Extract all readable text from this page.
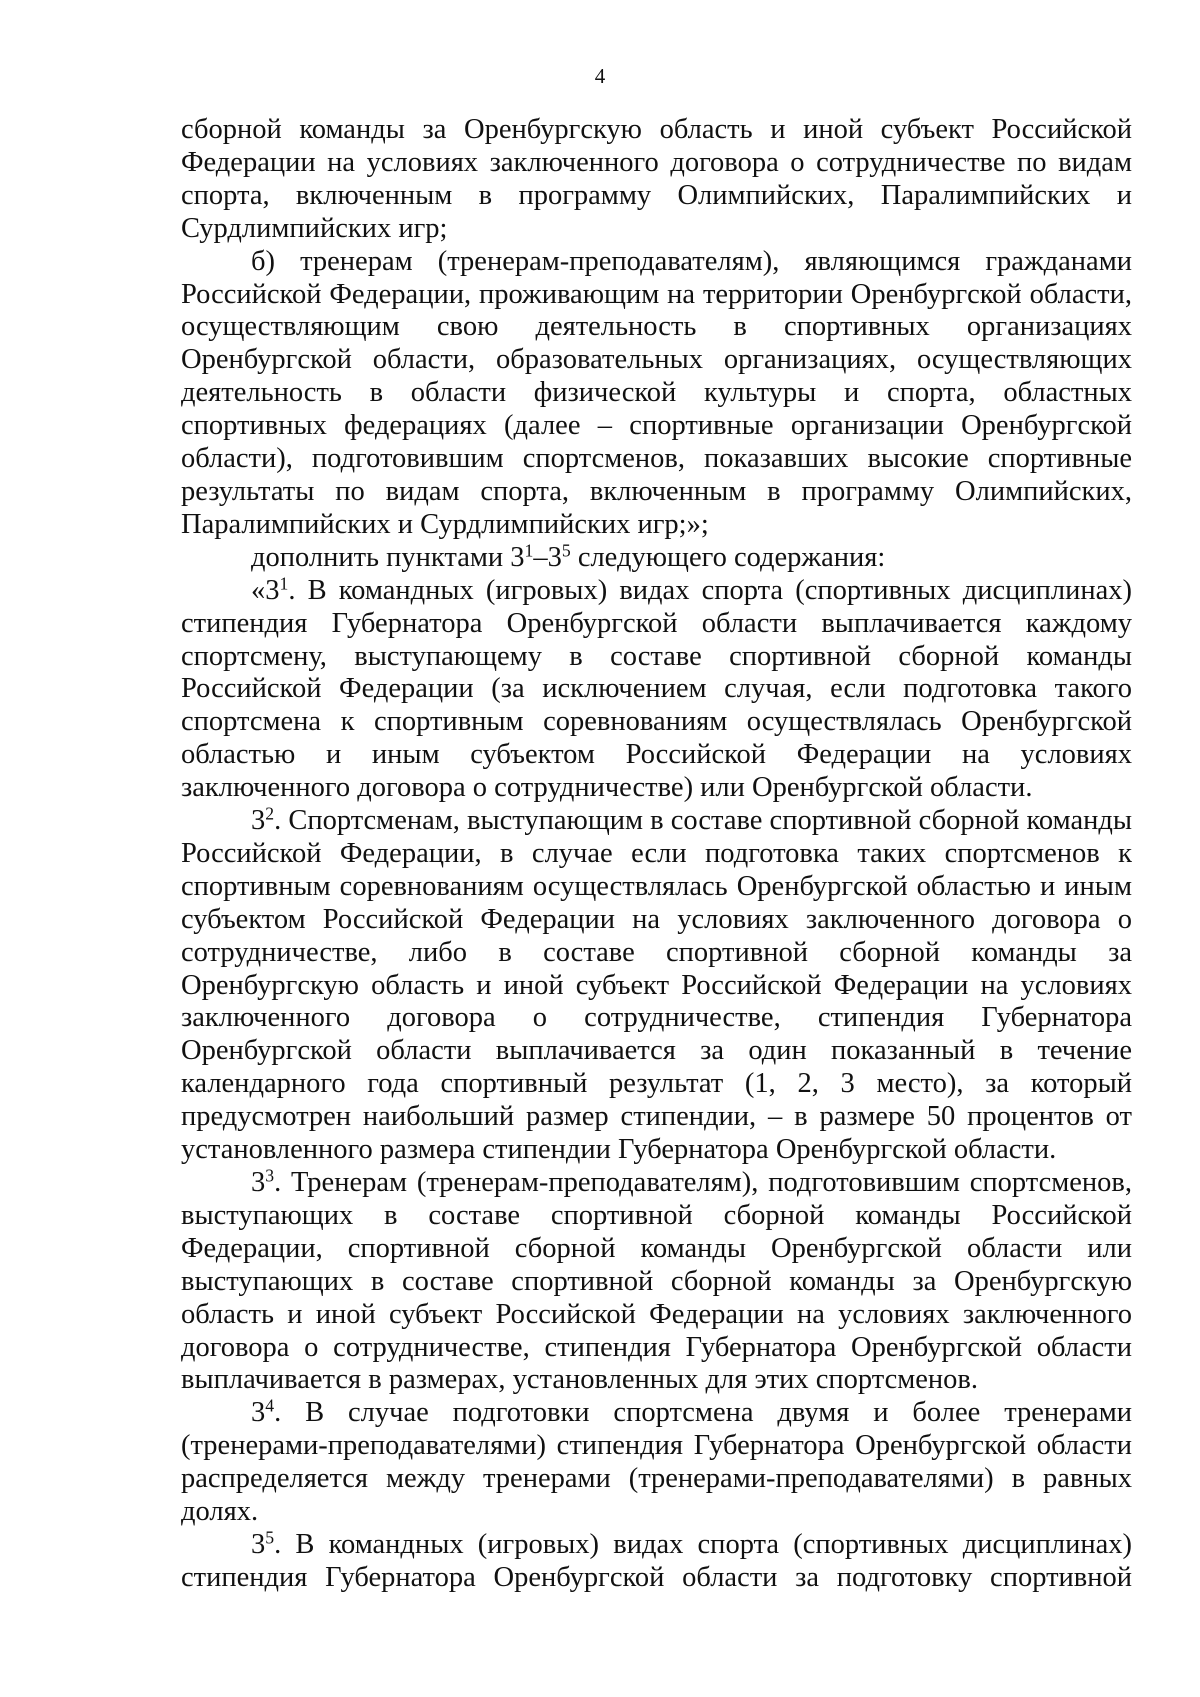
4

сборной команды за Оренбургскую область и иной субъект Российской Федерации на условиях заключенного договора о сотрудничестве по видам спорта, включенным в программу Олимпийских, Паралимпийских и Сурдлимпийских игр;

б) тренерам (тренерам-преподавателям), являющимся гражданами Российской Федерации, проживающим на территории Оренбургской области, осуществляющим свою деятельность в спортивных организациях Оренбургской области, образовательных организациях, осуществляющих деятельность в области физической культуры и спорта, областных спортивных федерациях (далее – спортивные организации Оренбургской области), подготовившим спортсменов, показавших высокие спортивные результаты по видам спорта, включенным в программу Олимпийских, Паралимпийских и Сурдлимпийских игр;»;

дополнить пунктами $3^1-3^5$ следующего содержания:

«$3^1$. В командных (игровых) видах спорта (спортивных дисциплинах) стипендия Губернатора Оренбургской области выплачивается каждому спортсмену, выступающему в составе спортивной сборной команды Российской Федерации (за исключением случая, если подготовка такого спортсмена к спортивным соревнованиям осуществлялась Оренбургской областью и иным субъектом Российской Федерации на условиях заключенного договора о сотрудничестве) или Оренбургской области.

$3^2$. Спортсменам, выступающим в составе спортивной сборной команды Российской Федерации, в случае если подготовка таких спортсменов к спортивным соревнованиям осуществлялась Оренбургской областью и иным субъектом Российской Федерации на условиях заключенного договора о сотрудничестве, либо в составе спортивной сборной команды за Оренбургскую область и иной субъект Российской Федерации на условиях заключенного договора о сотрудничестве, стипендия Губернатора Оренбургской области выплачивается за один показанный в течение календарного года спортивный результат (1, 2, 3 место), за который предусмотрен наибольший размер стипендии, – в размере 50 процентов от установленного размера стипендии Губернатора Оренбургской области.

$3^3$. Тренерам (тренерам-преподавателям), подготовившим спортсменов, выступающих в составе спортивной сборной команды Российской Федерации, спортивной сборной команды Оренбургской области или выступающих в составе спортивной сборной команды за Оренбургскую область и иной субъект Российской Федерации на условиях заключенного договора о сотрудничестве, стипендия Губернатора Оренбургской области выплачивается в размерах, установленных для этих спортсменов.

$3^4$. В случае подготовки спортсмена двумя и более тренерами (тренерами-преподавателями) стипендия Губернатора Оренбургской области распределяется между тренерами (тренерами-преподавателями) в равных долях.

$3^5$. В командных (игровых) видах спорта (спортивных дисциплинах) стипендия Губернатора Оренбургской области за подготовку спортивной
